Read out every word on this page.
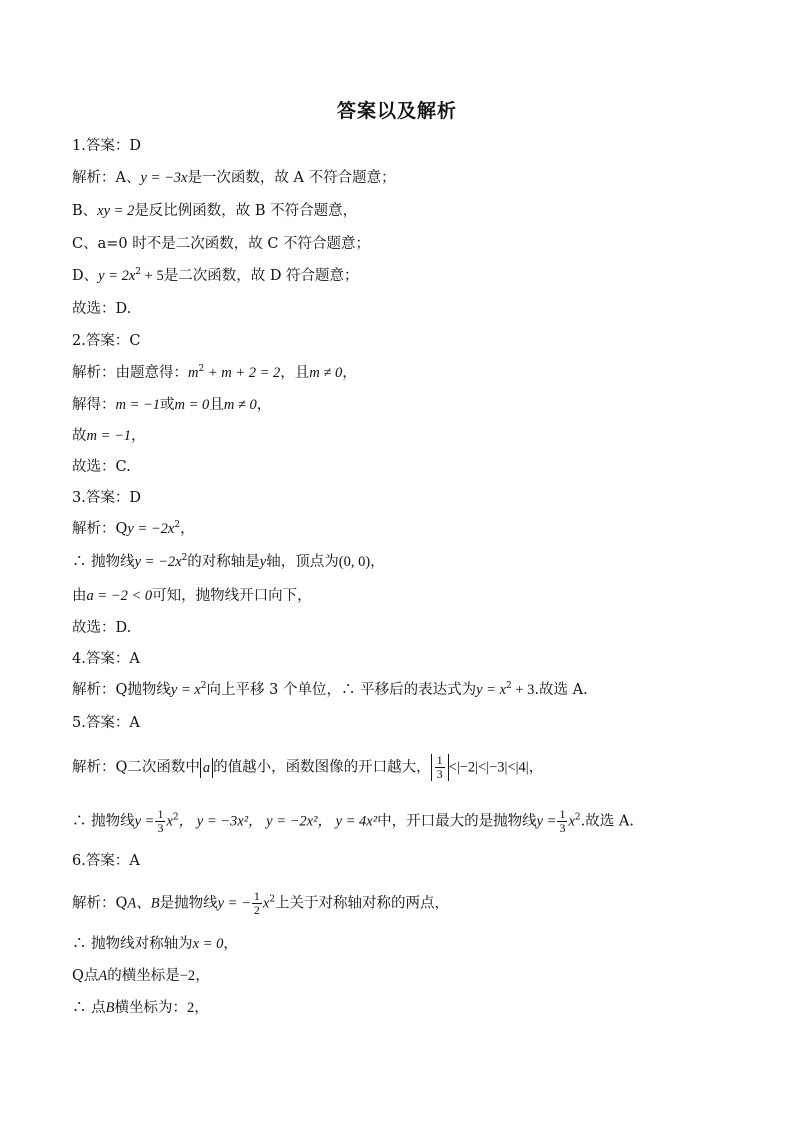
答案以及解析
1.答案：D
解析：A、y = −3x是一次函数，故 A 不符合题意；
B、xy = 2是反比例函数，故 B 不符合题意，
C、a=0 时不是二次函数，故 C 不符合题意；
D、$y = 2x^2 + 5$是二次函数，故 D 符合题意；
故选：D.
2.答案：C
解析：由题意得：$m^2 + m + 2 = 2$，且m ≠ 0，
解得：m = −1或m = 0且m ≠ 0，
故m = −1，
故选：C.
3.答案：D
解析：$Qy = -2x^2$，
∴ 抛物线$y = -2x^2$的对称轴是y轴，顶点为(0, 0)，
由a = −2 < 0可知，抛物线开口向下，
故选：D.
4.答案：A
解析：Q抛物线$y = x^2$向上平移 3 个单位，∴ 平移后的表达式为$y = x^2 + 3$.故选 A.
5.答案：A
解析：Q二次函数中 a 的值越小，函数图像的开口越大， $\frac{1}{3} <|-2|<|-3|<|4|$，
∴ 抛物线$y = \frac{1}{3} x^2$， y = −3x²， y = −2x²， y = 4x²中，开口最大的是抛物线$y = \frac{1}{3} x^2$.故选 A.
6.答案：A
解析：QA、B是抛物线y = − $\frac{1}{2} x^2$上关于对称轴对称的两点，
∴ 抛物线对称轴为x = 0，
Q点A的横坐标是−2，
∴ 点B横坐标为：2，
